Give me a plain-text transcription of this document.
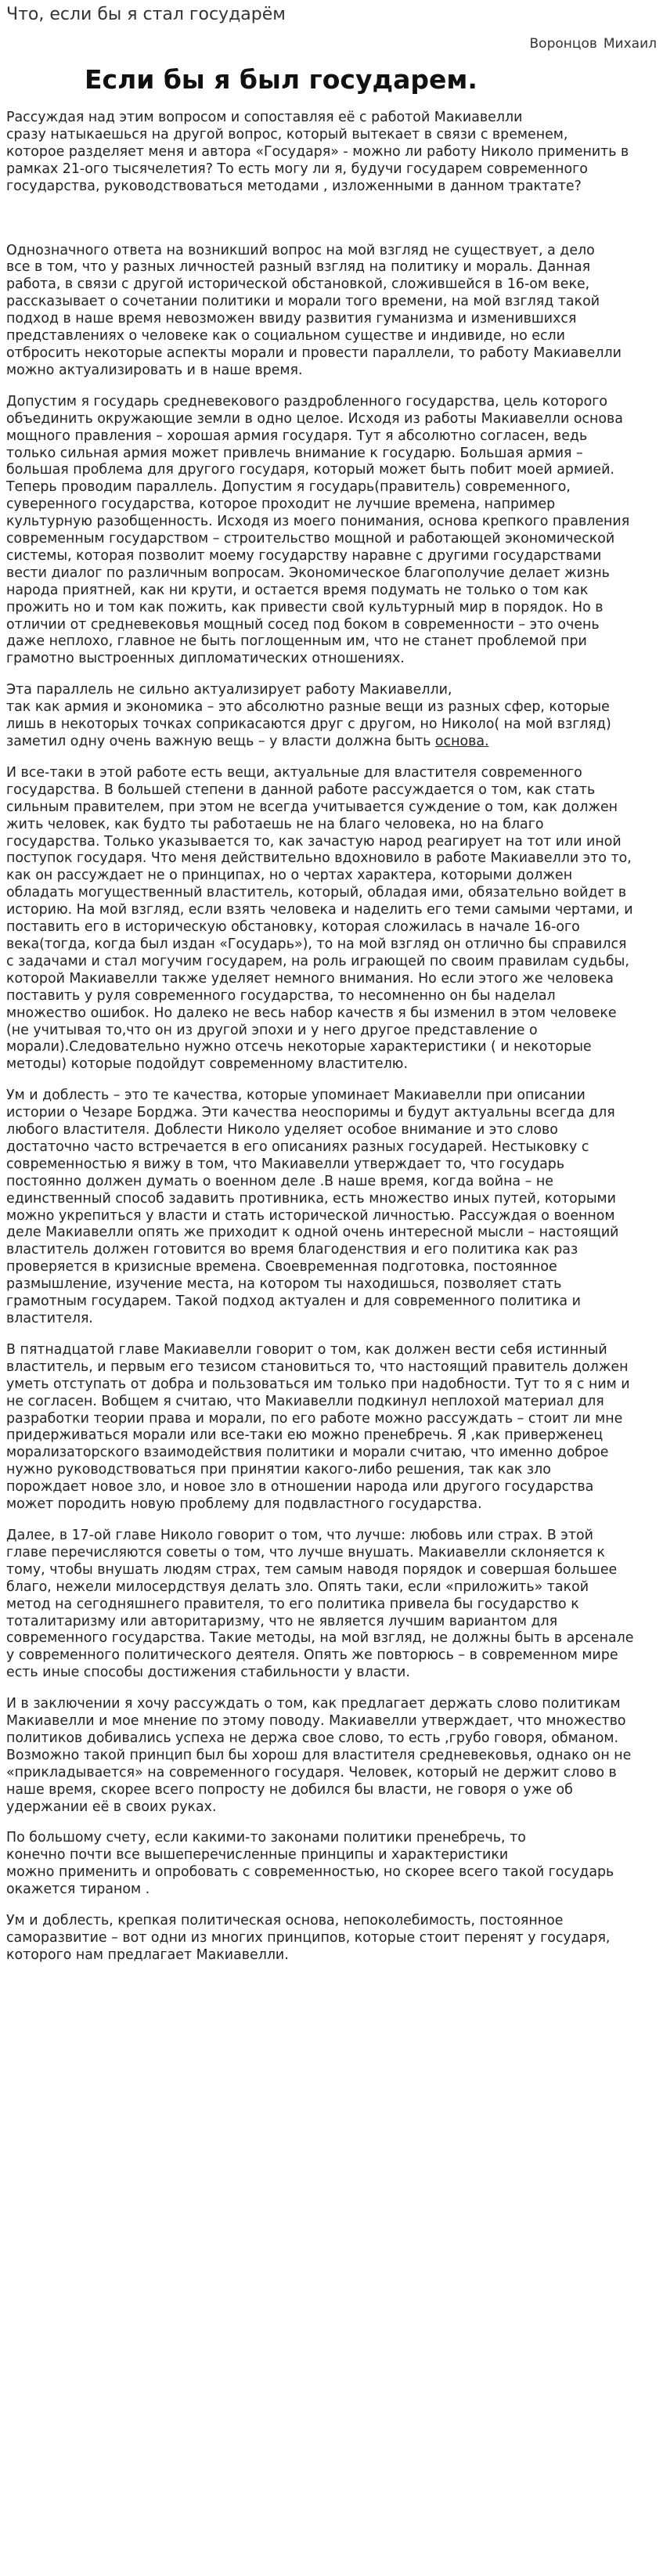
Что, если бы я стал государём
Воронцов Михаил
Если бы я был государем.

Рассуждая над этим вопросом и сопоставляя её с работой Макиавелли
сразу натыкаешься на другой вопрос, который вытекает в связи с временем,
которое разделяет меня и автора «Государя» - можно ли работу Николо применить в
рамках 21-ого тысячелетия? То есть могу ли я, будучи государем современного
государства, руководствоваться методами , изложенными в данном трактате?

Однозначного ответа на возникший вопрос на мой взгляд не существует, а дело
все в том, что у разных личностей разный взгляд на политику и мораль. Данная
работа, в связи с другой исторической обстановкой, сложившейся в 16-ом веке,
рассказывает о сочетании политики и морали того времени, на мой взгляд такой
подход в наше время невозможен ввиду развития гуманизма и изменившихся
представлениях о человеке как о социальном существе и индивиде, но если
отбросить некоторые аспекты морали и провести параллели, то работу Макиавелли
можно актуализировать и в наше время.

Допустим я государь средневекового раздробленного государства, цель которого
объединить окружающие земли в одно целое. Исходя из работы Макиавелли основа
мощного правления – хорошая армия государя. Тут я абсолютно согласен, ведь
только сильная армия может привлечь внимание к государю. Большая армия –
большая проблема для другого государя, который может быть побит моей армией.
Теперь проводим параллель. Допустим я государь(правитель) современного,
суверенного государства, которое проходит не лучшие времена, например
культурную разобщенность. Исходя из моего понимания, основа крепкого правления
современным государством – строительство мощной и работающей экономической
системы, которая позволит моему государству наравне с другими государствами
вести диалог по различным вопросам. Экономическое благополучие делает жизнь
народа приятней, как ни крути, и остается время подумать не только о том как
прожить но и том как пожить, как привести свой культурный мир в порядок. Но в
отличии от средневековья мощный сосед под боком в современности – это очень
даже неплохо, главное не быть поглощенным им, что не станет проблемой при
грамотно выстроенных дипломатических отношениях.

Эта параллель не сильно актуализирует работу Макиавелли,
так как армия и экономика – это абсолютно разные вещи из разных сфер, которые
лишь в некоторых точках соприкасаются друг с другом, но Николо( на мой взгляд)
заметил одну очень важную вещь – у власти должна быть основа.

И все-таки в этой работе есть вещи, актуальные для властителя современного
государства. В большей степени в данной работе рассуждается о том, как стать
сильным правителем, при этом не всегда учитывается суждение о том, как должен
жить человек, как будто ты работаешь не на благо человека, но на благо
государства. Только указывается то, как зачастую народ реагирует на тот или иной
поступок государя. Что меня действительно вдохновило в работе Макиавелли это то,
как он рассуждает не о принципах, но о чертах характера, которыми должен
обладать могущественный властитель, который, обладая ими, обязательно войдет в
историю. На мой взгляд, если взять человека и наделить его теми самыми чертами, и
поставить его в историческую обстановку, которая сложилась в начале 16-ого
века(тогда, когда был издан «Государь»), то на мой взгляд он отлично бы справился
с задачами и стал могучим государем, на роль играющей по своим правилам судьбы,
которой Макиавелли также уделяет немного внимания. Но если этого же человека
поставить у руля современного государства, то несомненно он бы наделал
множество ошибок. Но далеко не весь набор качеств я бы изменил в этом человеке
(не учитывая то,что он из другой эпохи и у него другое представление о
морали).Следовательно нужно отсечь некоторые характеристики ( и некоторые
методы) которые подойдут современному властителю.

Ум и доблесть – это те качества, которые упоминает Макиавелли при описании
истории о Чезаре Борджа. Эти качества неоспоримы и будут актуальны всегда для
любого властителя. Доблести Николо уделяет особое внимание и это слово
достаточно часто встречается в его описаниях разных государей. Нестыковку с
современностью я вижу в том, что Макиавелли утверждает то, что государь
постоянно должен думать о военном деле .В наше время, когда война – не
единственный способ задавить противника, есть множество иных путей, которыми
можно укрепиться у власти и стать исторической личностью. Рассуждая о военном
деле Макиавелли опять же приходит к одной очень интересной мысли – настоящий
властитель должен готовится во время благоденствия и его политика как раз
проверяется в кризисные времена. Своевременная подготовка, постоянное
размышление, изучение места, на котором ты находишься, позволяет стать
грамотным государем. Такой подход актуален и для современного политика и
властителя.

В пятнадцатой главе Макиавелли говорит о том, как должен вести себя истинный
властитель, и первым его тезисом становиться то, что настоящий правитель должен
уметь отступать от добра и пользоваться им только при надобности. Тут то я с ним и
не согласен. Вобщем я считаю, что Макиавелли подкинул неплохой материал для
разработки теории права и морали, по его работе можно рассуждать – стоит ли мне
придерживаться морали или все-таки ею можно пренебречь. Я ,как приверженец
морализаторского взаимодействия политики и морали считаю, что именно доброе
нужно руководствоваться при принятии какого-либо решения, так как зло
порождает новое зло, и новое зло в отношении народа или другого государства
может породить новую проблему для подвластного государства.

Далее, в 17-ой главе Николо говорит о том, что лучше: любовь или страх. В этой
главе перечисляются советы о том, что лучше внушать. Макиавелли склоняется к
тому, чтобы внушать людям страх, тем самым наводя порядок и совершая большее
благо, нежели милосердствуя делать зло. Опять таки, если «приложить» такой
метод на сегодняшнего правителя, то его политика привела бы государство к
тоталитаризму или авторитаризму, что не является лучшим вариантом для
современного государства. Такие методы, на мой взгляд, не должны быть в арсенале
у современного политического деятеля. Опять же повторюсь – в современном мире
есть иные способы достижения стабильности у власти.

И в заключении я хочу рассуждать о том, как предлагает держать слово политикам
Макиавелли и мое мнение по этому поводу. Макиавелли утверждает, что множество
политиков добивались успеха не держа свое слово, то есть ,грубо говоря, обманом.
Возможно такой принцип был бы хорош для властителя средневековья, однако он не
«прикладывается» на современного государя. Человек, который не держит слово в
наше время, скорее всего попросту не добился бы власти, не говоря о уже об
удержании её в своих руках.

По большому счету, если какими-то законами политики пренебречь, то
конечно почти все вышеперечисленные принципы и характеристики
можно применить и опробовать с современностью, но скорее всего такой государь
окажется тираном .

Ум и доблесть, крепкая политическая основа, непоколебимость, постоянное
саморазвитие – вот одни из многих принципов, которые стоит перенят у государя,
которого нам предлагает Макиавелли.
